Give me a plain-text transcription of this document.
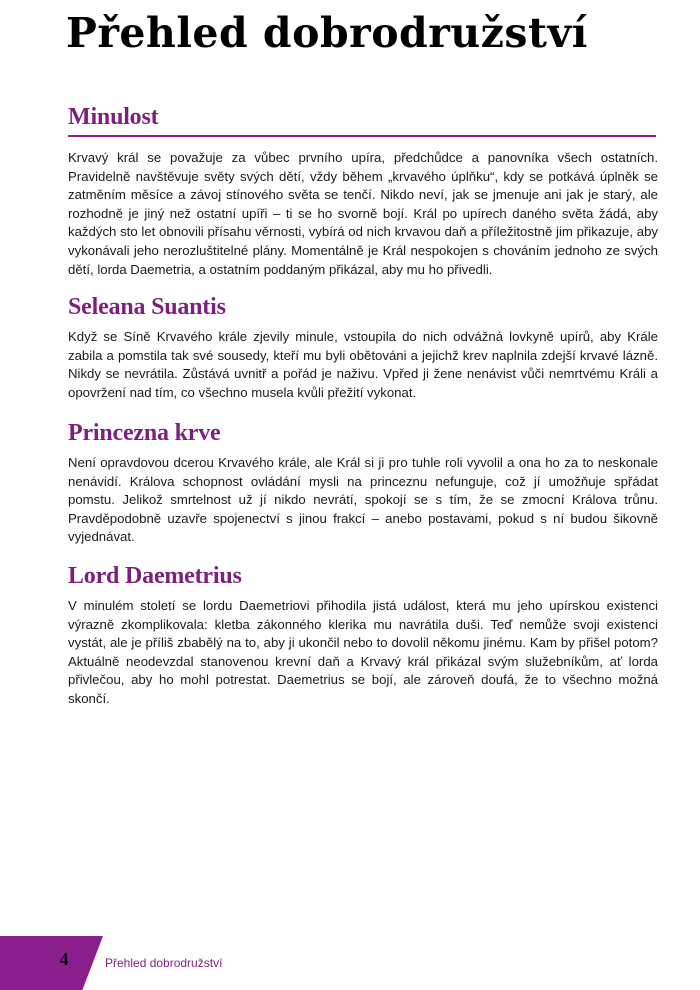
Přehled dobrodružství
Minulost

Krvavý král se považuje za vůbec prvního upíra, předchůdce a panovníka všech ostatních. Pravidelně navštěvuje světy svých dětí, vždy během „krvavého úplňku“, kdy se potkává úplněk se zatměním měsíce a závoj stínového světa se tenčí. Nikdo neví, jak se jmenuje ani jak je starý, ale rozhodně je jiný než ostatní upíři – ti se ho svorně bojí. Král po upírech daného světa žádá, aby každých sto let obnovili přísahu věrnosti, vybírá od nich krvavou daň a příležitostně jim přikazuje, aby vykonávali jeho nerozluštitelné plány. Momentálně je Král nespokojen s chováním jednoho ze svých dětí, lorda Daemetria, a ostatním poddaným přikázal, aby mu ho přivedli.

Seleana Suantis

Když se Síně Krvavého krále zjevily minule, vstoupila do nich odvážná lovkyně upírů, aby Krále zabila a pomstila tak své sousedy, kteří mu byli obětováni a jejichž krev naplnila zdejší krvavé lázně. Nikdy se nevrátila. Zůstává uvnitř a pořád je naživu. Vpřed ji žene nenávist vůči nemrtvému Králi a opovržení nad tím, co všechno musela kvůli přežití vykonat.

Princezna krve

Není opravdovou dcerou Krvavého krále, ale Král si ji pro tuhle roli vyvolil a ona ho za to neskonale nenávidí. Králova schopnost ovládání mysli na princeznu nefunguje, což jí umožňuje spřádat pomstu. Jelikož smrtelnost už jí nikdo nevrátí, spokojí se s tím, že se zmocní Králova trůnu. Pravděpodobně uzavře spojenectví s jinou frakcí – anebo postavami, pokud s ní budou šikovně vyjednávat.

Lord Daemetrius

V minulém století se lordu Daemetriovi přihodila jistá událost, která mu jeho upírskou existenci výrazně zkomplikovala: kletba zákonného klerika mu navrátila duši. Teď nemůže svoji existenci vystát, ale je příliš zbabělý na to, aby ji ukončil nebo to dovolil někomu jinému. Kam by přišel potom? Aktuálně neodevzdal stanovenou krevní daň a Krvavý král přikázal svým služebníkům, ať lorda přivlečou, aby ho mohl potrestat. Daemetrius se bojí, ale zároveň doufá, že to všechno možná skončí.

4	Přehled dobrodružství
